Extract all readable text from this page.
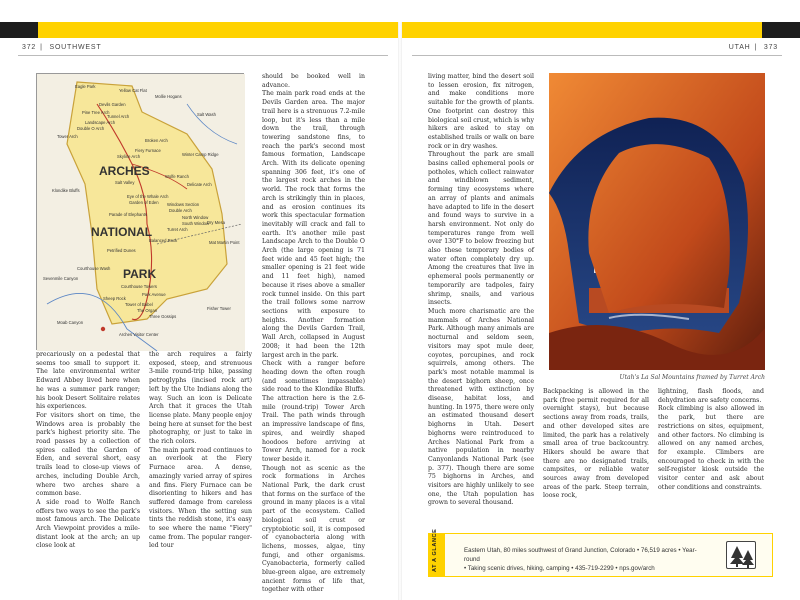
372 | SOUTHWEST	UTAH | 373
ARCHES
NATIONAL
PARK
Eagle Park
Yellow Cat Flat
Mollie Hogans
Devils Garden
Pine Tree Arch
Tunnel Arch
Landscape Arch
Double O Arch
Tower Arch
Fiery Furnace
Skyline Arch
Broken Arch
Salt Valley	Delicate Arch
Wolfe Ranch
Winter Camp Ridge
Dry Mesa
Klondike Bluffs
Balanced Rock
Windows Section
Double Arch
Eye of the Whale Arch
Garden of Eden
North Window
South Window
Turret Arch
Parade of Elephants
Petrified Dunes
Courthouse Towers
Park Avenue
Sheep Rock
Tower of Babel
The Organ
Three Gossips
Arches Visitor Center
Moab Canyon
Salt Wash
Courthouse Wash
Mat Martin Point
Fisher Tower
Sevenmile Canyon
precariously on a pedestal that seems too small to support it. The late environmental writer Edward Abbey lived here when he was a summer park ranger; his book Desert Solitaire relates his experiences.
For visitors short on time, the Windows area is probably the park's highest priority site. The road passes by a collection of spires called the Garden of Eden, and several short, easy trails lead to close-up views of arches, including Double Arch, where two arches share a common base.
A side road to Wolfe Ranch offers two ways to see the park's most famous arch. The Delicate Arch Viewpoint provides a mile-distant look at the arch; an up close look at
the arch requires a fairly exposed, steep, and strenuous 3-mile round-trip hike, passing petroglyphs (incised rock art) left by the Ute Indians along the way. Such an icon is Delicate Arch that it graces the Utah license plate. Many people enjoy being here at sunset for the best photography, or just to take in the rich colors.
The main park road continues to an overlook at the Fiery Furnace area. A dense, amazingly varied array of spires and fins. Fiery Furnace can be disorienting to hikers and has suffered damage from careless visitors. When the setting sun tints the reddish stone, it's easy to see where the name "Fiery" came from. The popular ranger-led tour
should be booked well in advance.
The main park road ends at the Devils Garden area. The major trail here is a strenuous 7.2-mile loop, but it's less than a mile down the trail, through towering sandstone fins, to reach the park's second most famous formation, Landscape Arch. With its delicate opening spanning 306 feet, it's one of the largest rock arches in the world. The rock that forms the arch is strikingly thin in places, and as erosion continues its work this spectacular formation inevitably will crack and fall to earth. It's another mile past Landscape Arch to the Double O Arch (the large opening is 71 feet wide and 45 feet high; the smaller opening is 21 feet wide and 11 feet high), named because it rises above a smaller rock tunnel inside. On this part the trail follows some narrow sections with exposure to heights. Another formation along the Devils Garden Trail, Wall Arch, collapsed in August 2008; it had been the 12th largest arch in the park.
Check with a ranger before heading down the often rough (and sometimes impassable) side road to the Klondike Bluffs. The attraction here is the 2.6-mile (round-trip) Tower Arch Trail. The path winds through an impressive landscape of fins, spires, and weirdly shaped hoodoos before arriving at Tower Arch, named for a rock tower beside it.
Though not as scenic as the rock formations in Arches National Park, the dark crust that forms on the surface of the ground in many places is a vital part of the ecosystem. Called biological soil crust or cryptobiotic soil, it is composed of cyanobacteria along with lichens, mosses, algae, tiny fungi, and other organisms. Cyanobacteria, formerly called blue-green algae, are extremely ancient forms of life that, together with other
living matter, bind the desert soil to lessen erosion, fix nitrogen, and make conditions more suitable for the growth of plants. One footprint can destroy this biological soil crust, which is why hikers are asked to stay on established trails or walk on bare rock or in dry washes.
Throughout the park are small basins called ephemeral pools or potholes, which collect rainwater and windblown sediment, forming tiny ecosystems where an array of plants and animals have adapted to life in the desert and found ways to survive in a harsh environment. Not only do temperatures range from well over 130°F to below freezing but also these temporary bodies of water often completely dry up. Among the creatures that live in ephemeral pools permanently or temporarily are tadpoles, fairy shrimp, snails, and various insects.
Much more charismatic are the mammals of Arches National Park. Although many animals are nocturnal and seldom seen, visitors may spot mule deer, coyotes, porcupines, and rock squirrels, among others. The park's most notable mammal is the desert bighorn sheep, once threatened with extinction by disease, habitat loss, and hunting. In 1975, there were only an estimated thousand desert bighorns in Utah. Desert bighorns were reintroduced to Arches National Park from a native population in nearby Canyonlands National Park (see p. 377). Though there are some 75 bighorns in Arches, and visitors are highly unlikely to see one, the Utah population has grown to several thousand.
Backpacking is allowed in the park (free permit required for all overnight stays), but because sections away from roads, trails, and other developed sites are limited, the park has a relatively small area of true backcountry. Hikers should be aware that there are no designated trails, campsites, or reliable water sources away from developed areas of the park. Steep terrain, loose rock,
lightning, flash floods, and dehydration are safety concerns.
Rock climbing is also allowed in the park, but there are restrictions on sites, equipment, and other factors. No climbing is allowed on any named arches, for example. Climbers are encouraged to check in with the self-register kiosk outside the visitor center and ask about other conditions and constraints.
Utah's La Sal Mountains framed by Turret Arch
AT A GLANCE	Eastern Utah, 80 miles southwest of Grand Junction, Colorado • 76,519 acres • Year-round
• Taking scenic drives, hiking, camping • 435-719-2299 • nps.gov/arch
